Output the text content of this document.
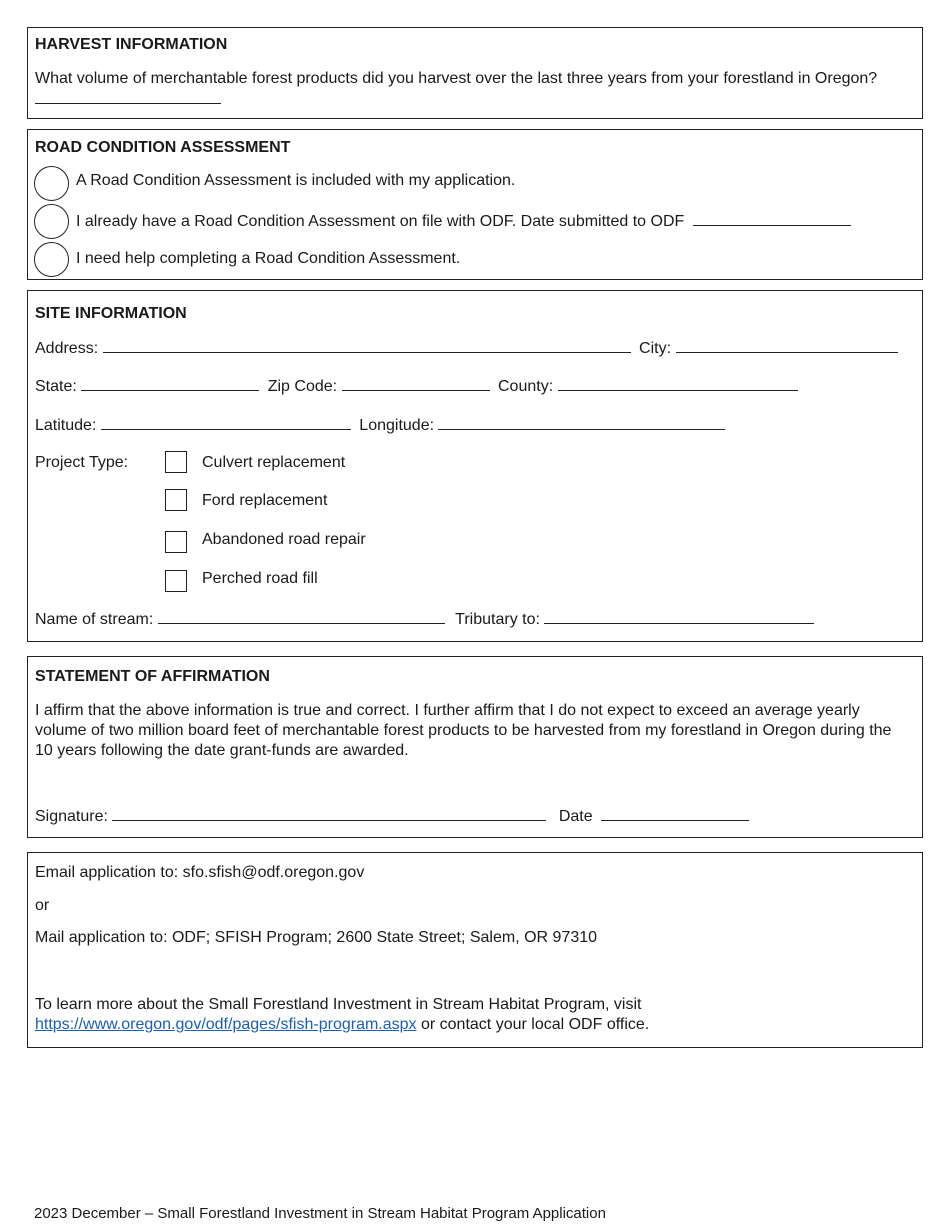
HARVEST INFORMATION
What volume of merchantable forest products did you harvest over the last three years from your forestland in Oregon?
ROAD CONDITION ASSESSMENT
A Road Condition Assessment is included with my application.
I already have a Road Condition Assessment on file with ODF. Date submitted to ODF
I need help completing a Road Condition Assessment.
SITE INFORMATION
Address:	City:
State:	Zip Code:	County:
Latitude:	Longitude:
Project Type:	Culvert replacement
Ford replacement
Abandoned road repair
Perched road fill
Name of stream:	Tributary to:
STATEMENT OF AFFIRMATION
I affirm that the above information is true and correct. I further affirm that I do not expect to exceed an average yearly volume of two million board feet of merchantable forest products to be harvested from my forestland in Oregon during the 10 years following the date grant-funds are awarded.
Signature:	Date
Email application to: sfo.sfish@odf.oregon.gov
or
Mail application to: ODF; SFISH Program; 2600 State Street; Salem, OR 97310
To learn more about the Small Forestland Investment in Stream Habitat Program, visit https://www.oregon.gov/odf/pages/sfish-program.aspx or contact your local ODF office.
2023 December – Small Forestland Investment in Stream Habitat Program Application
